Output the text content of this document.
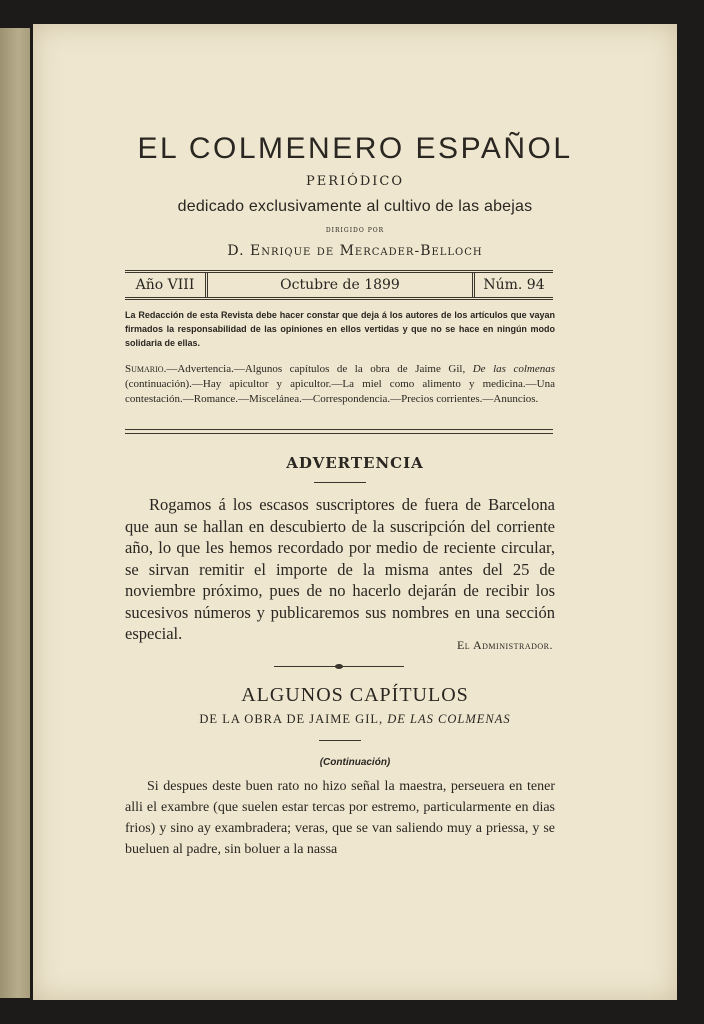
EL COLMENERO ESPAÑOL
PERIÓDICO
dedicado exclusivamente al cultivo de las abejas
DIRIGIDO POR
D. Enrique de Mercader-Belloch
Año VIII	Octubre de 1899	Núm. 94
La Redacción de esta Revista debe hacer constar que deja á los autores de los artículos que vayan firmados la responsabilidad de las opiniones en ellos vertidas y que no se hace en ningún modo solidaria de ellas.
Sumario.—Advertencia.—Algunos capítulos de la obra de Jaime Gil, De las colmenas (continuación).—Hay apicultor y apicultor.—La miel como alimento y medicina.—Una contestación.—Romance.—Miscelánea.—Correspondencia.—Precios corrientes.—Anuncios.
ADVERTENCIA

Rogamos á los escasos suscriptores de fuera de Barcelona que aun se hallan en descubierto de la suscripción del corriente año, lo que les hemos recordado por medio de reciente circular, se sirvan remitir el importe de la misma antes del 25 de noviembre próximo, pues de no hacerlo dejarán de recibir los sucesivos números y publicaremos sus nombres en una sección especial.

El Administrador.
ALGUNOS CAPÍTULOS
DE LA OBRA DE JAIME GIL, DE LAS COLMENAS
(Continuación)

Si despues deste buen rato no hizo señal la maestra, perseuera en tener alli el exambre (que suelen estar tercas por estremo, particularmente en dias frios) y sino ay exambradera; veras, que se van saliendo muy a priessa, y se bueluen al padre, sin boluer a la nassa
